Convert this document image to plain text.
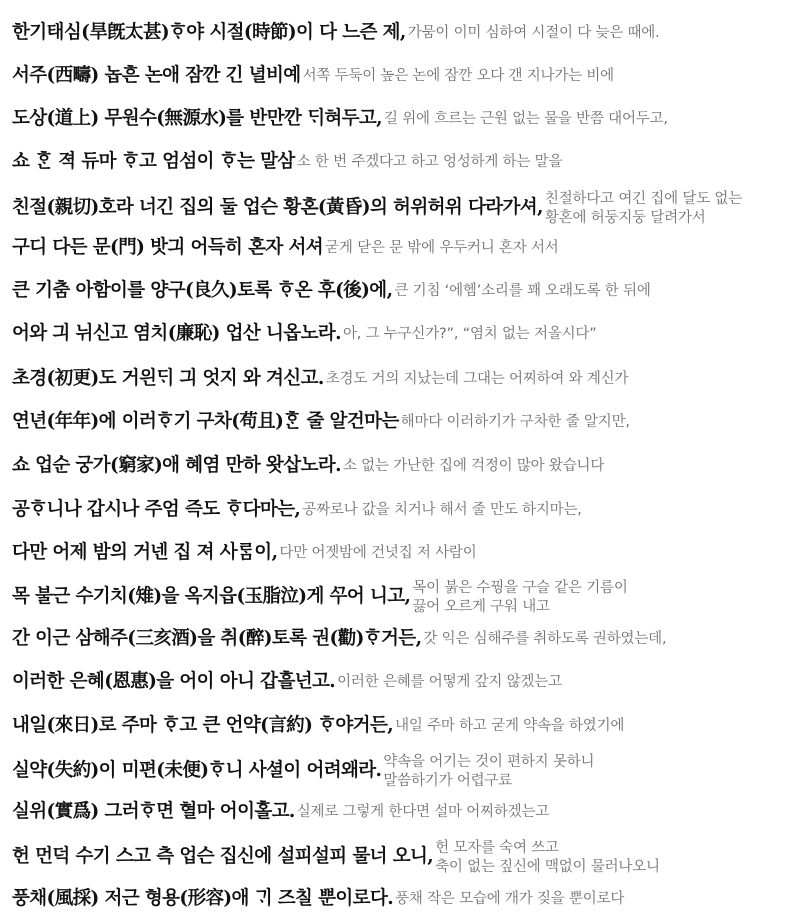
한기태심(旱旣太甚)ᄒᆞ야 시절(時節)이 다 느즌 제, 가뭄이 이미 심하여 시절이 다 늦은 때에.
서주(西疇) 놉흔 논애 잠깐 긴 녈비예 서쪽 두둑이 높은 논에 잠깐 오다 갠 지나가는 비에
도상(道上) 무원수(無源水)를 반만깐 ᄃᆡ혀두고, 길 위에 흐르는 근원 없는 물을 반쯤 대어두고,
쇼 ᄒᆞᆫ 젹 듀마 ᄒᆞ고 엄섬이 ᄒᆞ는 말삼 소 한 번 주겠다고 하고 엉성하게 하는 말을
친절(親切)호라 너긴 집의 둘 업슨 황혼(黃昏)의 허위허위 다라가셔, 친절하다고 여긴 집에 달도 없는
황혼에 허둥지둥 달려가서
구디 다든 문(門) 밧긔 어득히 혼자 서셔 굳게 닫은 문 밖에 우두커니 혼자 서서
큰 기춤 아함이를 양구(良久)토록 ᄒᆞ온 후(後)에, 큰 기침 ‘에헴’소리를 꽤 오래도록 한 뒤에
어와 긔 뉘신고 염치(廉恥) 업산 니옵노라. 아, 그 누구신가?”, “염치 없는 저올시다”
초경(初更)도 거읜ᄃᆡ 긔 엇지 와 겨신고. 초경도 거의 지났는데 그대는 어찌하여 와 계신가
연년(年年)에 이러ᄒᆞ기 구차(苟且)ᄒᆞᆫ 줄 알건마는 해마다 이러하기가 구차한 줄 알지만,
쇼 업순 궁가(窮家)애 혜염 만하 왓삽노라. 소 없는 가난한 집에 걱정이 많아 왔습니다
공ᄒᆞ니나 갑시나 주엄 즉도 ᄒᆞ다마는, 공짜로나 값을 치거나 해서 줄 만도 하지마는,
다만 어제 밤의 거넨 집 져 사ᄅᆞᆷ이, 다만 어젯밤에 건넛집 저 사람이
목 불근 수기치(雉)을 옥지읍(玉脂泣)게 ᄭᅮ어 니고, 목이 붉은 수꿩을 구슬 같은 기름이
끓어 오르게 구워 내고
간 이근 삼해주(三亥酒)을 취(醉)토록 권(勸)ᄒᆞ거든, 갓 익은 심해주를 취하도록 권하였는데,
이러한 은혜(恩惠)을 어이 아니 갑흘넌고. 이러한 은혜를 어떻게 갚지 않겠는고
내일(來日)로 주마 ᄒᆞ고 큰 언약(言約) ᄒᆞ야거든, 내일 주마 하고 굳게 약속을 하였기에
실약(失約)이 미편(未便)ᄒᆞ니 사셜이 어려왜라. 약속을 어기는 것이 편하지 못하니
말씀하기가 어렵구료
실위(實爲) 그러ᄒᆞ면 혈마 어이홀고. 실제로 그렇게 한다면 설마 어찌하겠는고
헌 먼덕 수기 스고 측 업슨 집신에 설피설피 물너 오니, 헌 모자를 숙여 쓰고
축이 없는 짚신에 맥없이 물러나오니
풍채(風採) 저근 형용(形容)애 ᄀᆡ 즈칠 뿐이로다. 풍채 작은 모습에 개가 짖을 뿐이로다
